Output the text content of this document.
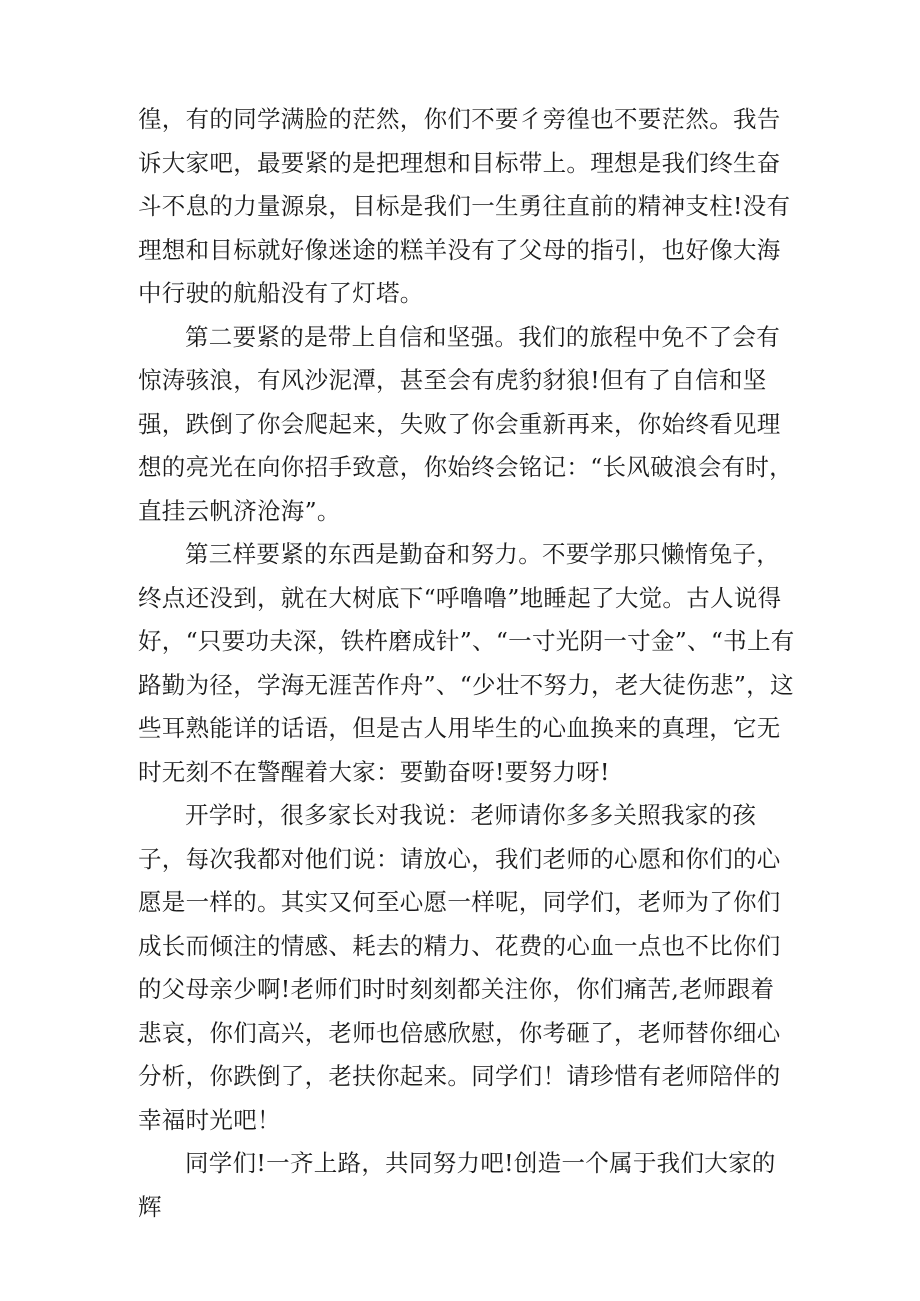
徨，有的同学满脸的茫然，你们不要彳旁徨也不要茫然。我告诉大家吧，最要紧的是把理想和目标带上。理想是我们终生奋斗不息的力量源泉，目标是我们一生勇往直前的精神支柱!没有理想和目标就好像迷途的糕羊没有了父母的指引，也好像大海中行驶的航船没有了灯塔。

第二要紧的是带上自信和坚强。我们的旅程中免不了会有惊涛骇浪，有风沙泥潭，甚至会有虎豹豺狼!但有了自信和坚强，跌倒了你会爬起来，失败了你会重新再来，你始终看见理想的亮光在向你招手致意，你始终会铭记：“长风破浪会有时，直挂云帆济沧海”。

第三样要紧的东西是勤奋和努力。不要学那只懒惰兔子，终点还没到，就在大树底下“呼噜噜”地睡起了大觉。古人说得好，“只要功夫深，铁杵磨成针”、“一寸光阴一寸金”、“书上有路勤为径，学海无涯苦作舟”、“少壮不努力，老大徒伤悲”，这些耳熟能详的话语，但是古人用毕生的心血换来的真理，它无时无刻不在警醒着大家：要勤奋呀!要努力呀!

开学时，很多家长对我说：老师请你多多关照我家的孩子，每次我都对他们说：请放心，我们老师的心愿和你们的心愿是一样的。其实又何至心愿一样呢，同学们，老师为了你们成长而倾注的情感、耗去的精力、花费的心血一点也不比你们的父母亲少啊!老师们时时刻刻都关注你，你们痛苦,老师跟着悲哀，你们高兴，老师也倍感欣慰，你考砸了，老师替你细心分析，你跌倒了，老扶你起来。同学们！请珍惜有老师陪伴的幸福时光吧！

同学们!一齐上路，共同努力吧!创造一个属于我们大家的辉
